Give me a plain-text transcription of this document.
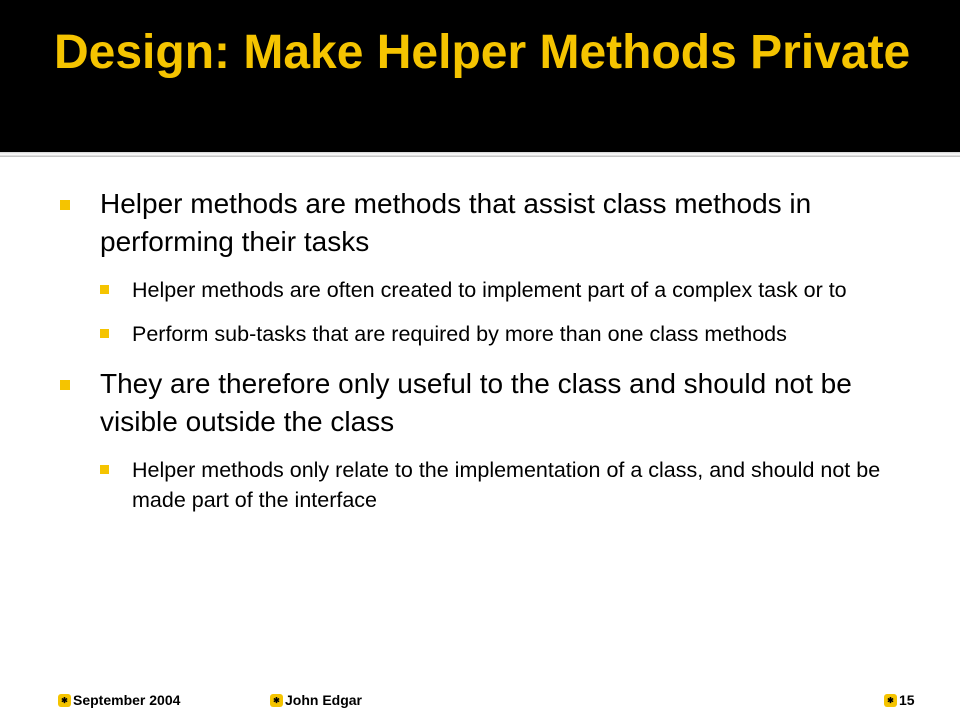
Design: Make Helper Methods Private
Helper methods are methods that assist class methods in performing their tasks
Helper methods are often created to implement part of a complex task or to
Perform sub-tasks that are required by more than one class methods
They are therefore only useful to the class and should not be visible outside the class
Helper methods only relate to the implementation of a class, and should not be made part of the interface
✱ September 2004	✱ John Edgar	✱ 15
